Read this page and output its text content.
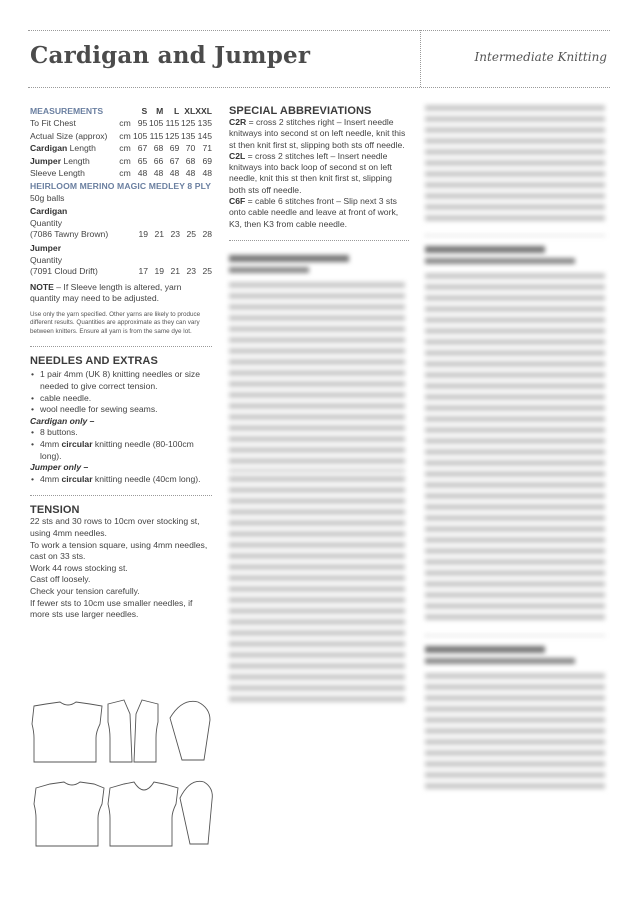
Cardigan and Jumper	Intermediate Knitting
MEASUREMENTS		S	M	L	XL	XXL
To Fit Chest	cm	95	105	115	125	135
Actual Size (approx)	cm	105	115	125	135	145
Cardigan Length	cm	67	68	69	70	71
Jumper Length	cm	65	66	67	68	69
Sleeve Length	cm	48	48	48	48	48
HEIRLOOM MERINO MAGIC MEDLEY 8 PLY
50g balls
Cardigan
Quantity
(7086 Tawny Brown)	19 21 23 25 28
Jumper
Quantity
(7091 Cloud Drift)	17 19 21 23 25
NOTE – If Sleeve length is altered, yarn quantity may need to be adjusted.
Use only the yarn specified. Other yarns are likely to produce different results. Quantities are approximate as they can vary between knitters. Ensure all yarn is from the same dye lot.
NEEDLES AND EXTRAS
• 1 pair 4mm (UK 8) knitting needles or size needed to give correct tension.
• cable needle.
• wool needle for sewing seams.
Cardigan only –
• 8 buttons.
• 4mm circular knitting needle (80-100cm long).
Jumper only –
• 4mm circular knitting needle (40cm long).
TENSION
22 sts and 30 rows to 10cm over stocking st, using 4mm needles.
To work a tension square, using 4mm needles, cast on 33 sts.
Work 44 rows stocking st.
Cast off loosely.
Check your tension carefully.
If fewer sts to 10cm use smaller needles, if more sts use larger needles.
SPECIAL ABBREVIATIONS
C2R = cross 2 stitches right – Insert needle knitways into second st on left needle, knit this st then knit first st, slipping both sts off needle.
C2L = cross 2 stitches left – Insert needle knitways into back loop of second st on left needle, knit this st then knit first st, slipping both sts off needle.
C6F = cable 6 stitches front – Slip next 3 sts onto cable needle and leave at front of work, K3, then K3 from cable needle.
